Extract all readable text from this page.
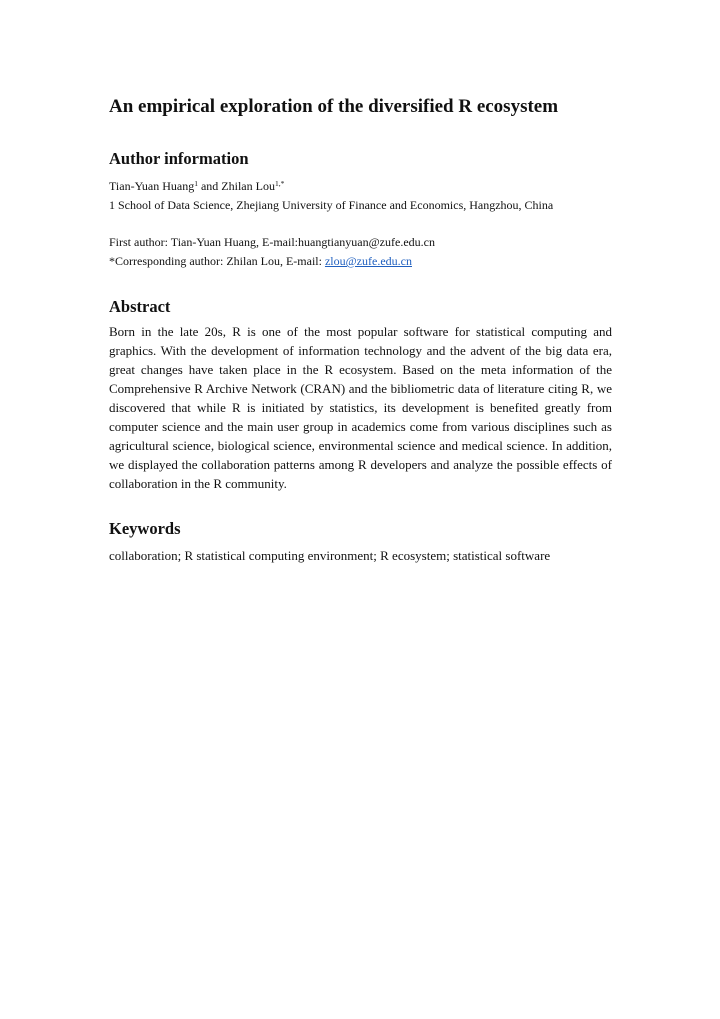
An empirical exploration of the diversified R ecosystem
Author information
Tian-Yuan Huang$^1$ and Zhilan Lou$^{1,*}$
1 School of Data Science, Zhejiang University of Finance and Economics, Hangzhou, China
First author: Tian-Yuan Huang, E-mail:huangtianyuan@zufe.edu.cn
*Corresponding author: Zhilan Lou, E-mail: zlou@zufe.edu.cn
Abstract

Born in the late 20s, R is one of the most popular software for statistical computing and graphics. With the development of information technology and the advent of the big data era, great changes have taken place in the R ecosystem. Based on the meta information of the Comprehensive R Archive Network (CRAN) and the bibliometric data of literature citing R, we discovered that while R is initiated by statistics, its development is benefited greatly from computer science and the main user group in academics come from various disciplines such as agricultural science, biological science, environmental science and medical science. In addition, we displayed the collaboration patterns among R developers and analyze the possible effects of collaboration in the R community.

Keywords

collaboration; R statistical computing environment; R ecosystem; statistical software
